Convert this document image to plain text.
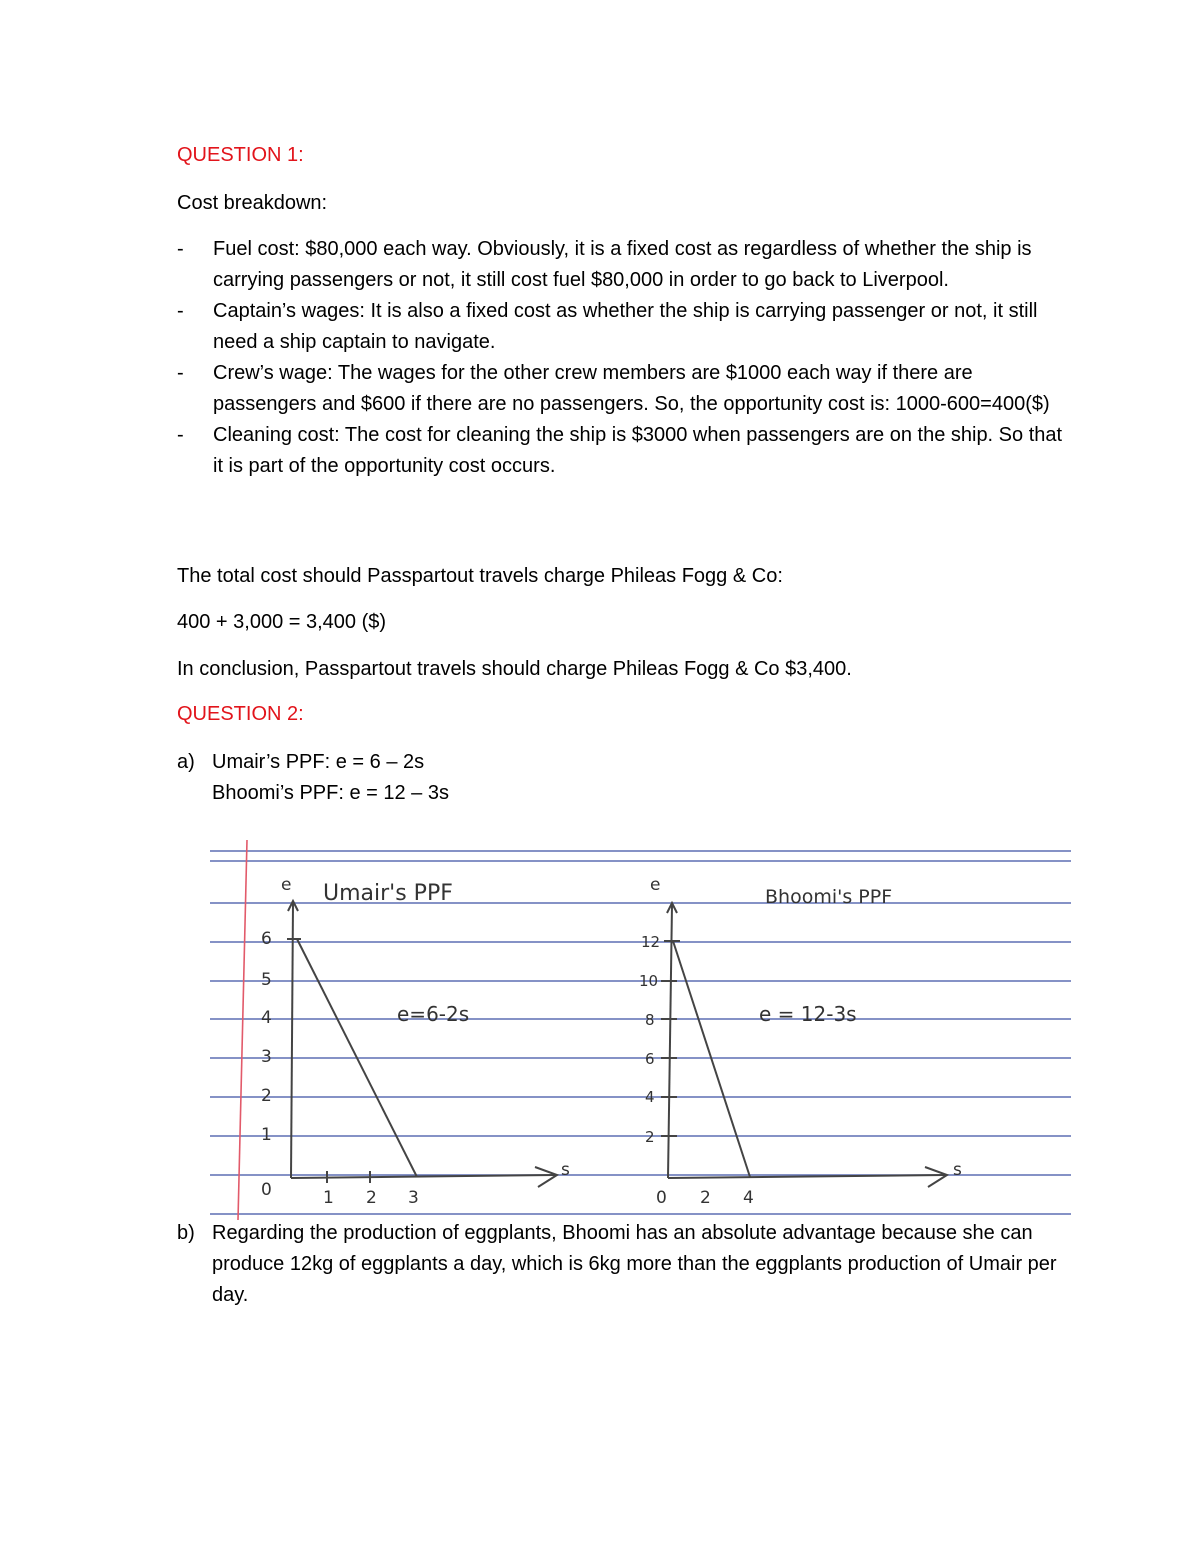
QUESTION 1:

Cost breakdown:

- Fuel cost: $80,000 each way. Obviously, it is a fixed cost as regardless of whether the ship is carrying passengers or not, it still cost fuel $80,000 in order to go back to Liverpool.
- Captain’s wages: It is also a fixed cost as whether the ship is carrying passenger or not, it still need a ship captain to navigate.
- Crew’s wage: The wages for the other crew members are $1000 each way if there are passengers and $600 if there are no passengers. So, the opportunity cost is: 1000-600=400($)
- Cleaning cost: The cost for cleaning the ship is $3000 when passengers are on the ship. So that it is part of the opportunity cost occurs.

The total cost should Passpartout travels charge Phileas Fogg & Co:

400 + 3,000 = 3,400 ($)

In conclusion, Passpartout travels should charge Phileas Fogg & Co $3,400.

QUESTION 2:
a) Umair’s PPF: e = 6 – 2s
Bhoomi’s PPF: e = 12 – 3s
e Umair's PPF
6
5
4
3
2
1
0	1 2 3
s
e=6-2s
e
Bhoomi's PPF
12
10
8
6
4
2
0 2 4
s
e = 12-3s
b) Regarding the production of eggplants, Bhoomi has an absolute advantage because she can produce 12kg of eggplants a day, which is 6kg more than the eggplants production of Umair per day.
